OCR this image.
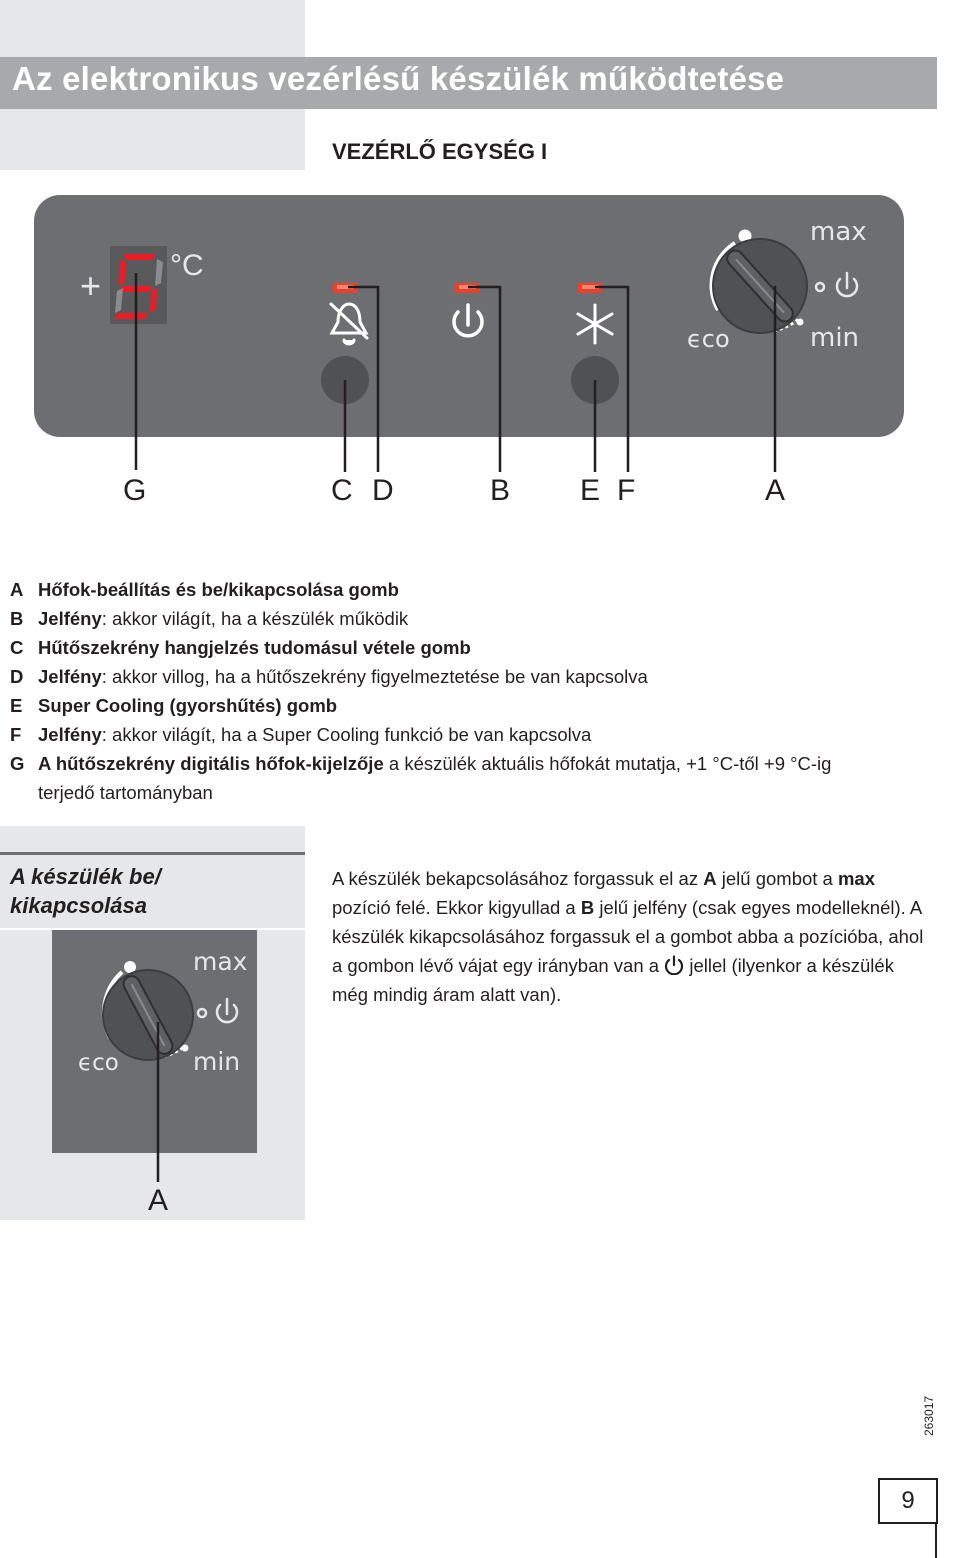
Az elektronikus vezérlésű készülék működtetése
VEZÉRLŐ EGYSÉG I
+ °C
max
min
ϵco
G	C D	B E F	A
A Hőfok-beállítás és be/kikapcsolása gomb
B Jelfény: akkor világít, ha a készülék működik
C Hűtőszekrény hangjelzés tudomásul vétele gomb
D Jelfény: akkor villog, ha a hűtőszekrény figyelmeztetése be van kapcsolva
E Super Cooling (gyorshűtés) gomb
F Jelfény: akkor világít, ha a Super Cooling funkció be van kapcsolva
G A hűtőszekrény digitális hőfok-kijelzője a készülék aktuális hőfokát mutatja, +1 °C-től +9 °C-ig
terjedő tartományban
A készülék be/ kikapcsolása
A készülék bekapcsolásához forgassuk el az A jelű gombot a max pozíció felé. Ekkor kigyullad a B jelű jelfény (csak egyes modelleknél). A készülék kikapcsolásához forgassuk el a gombot abba a pozícióba, ahol a gombon lévő vájat egy irányban van a  jellel (ilyenkor a készülék még mindig áram alatt van).
max
min
ϵco
A
263017
9
